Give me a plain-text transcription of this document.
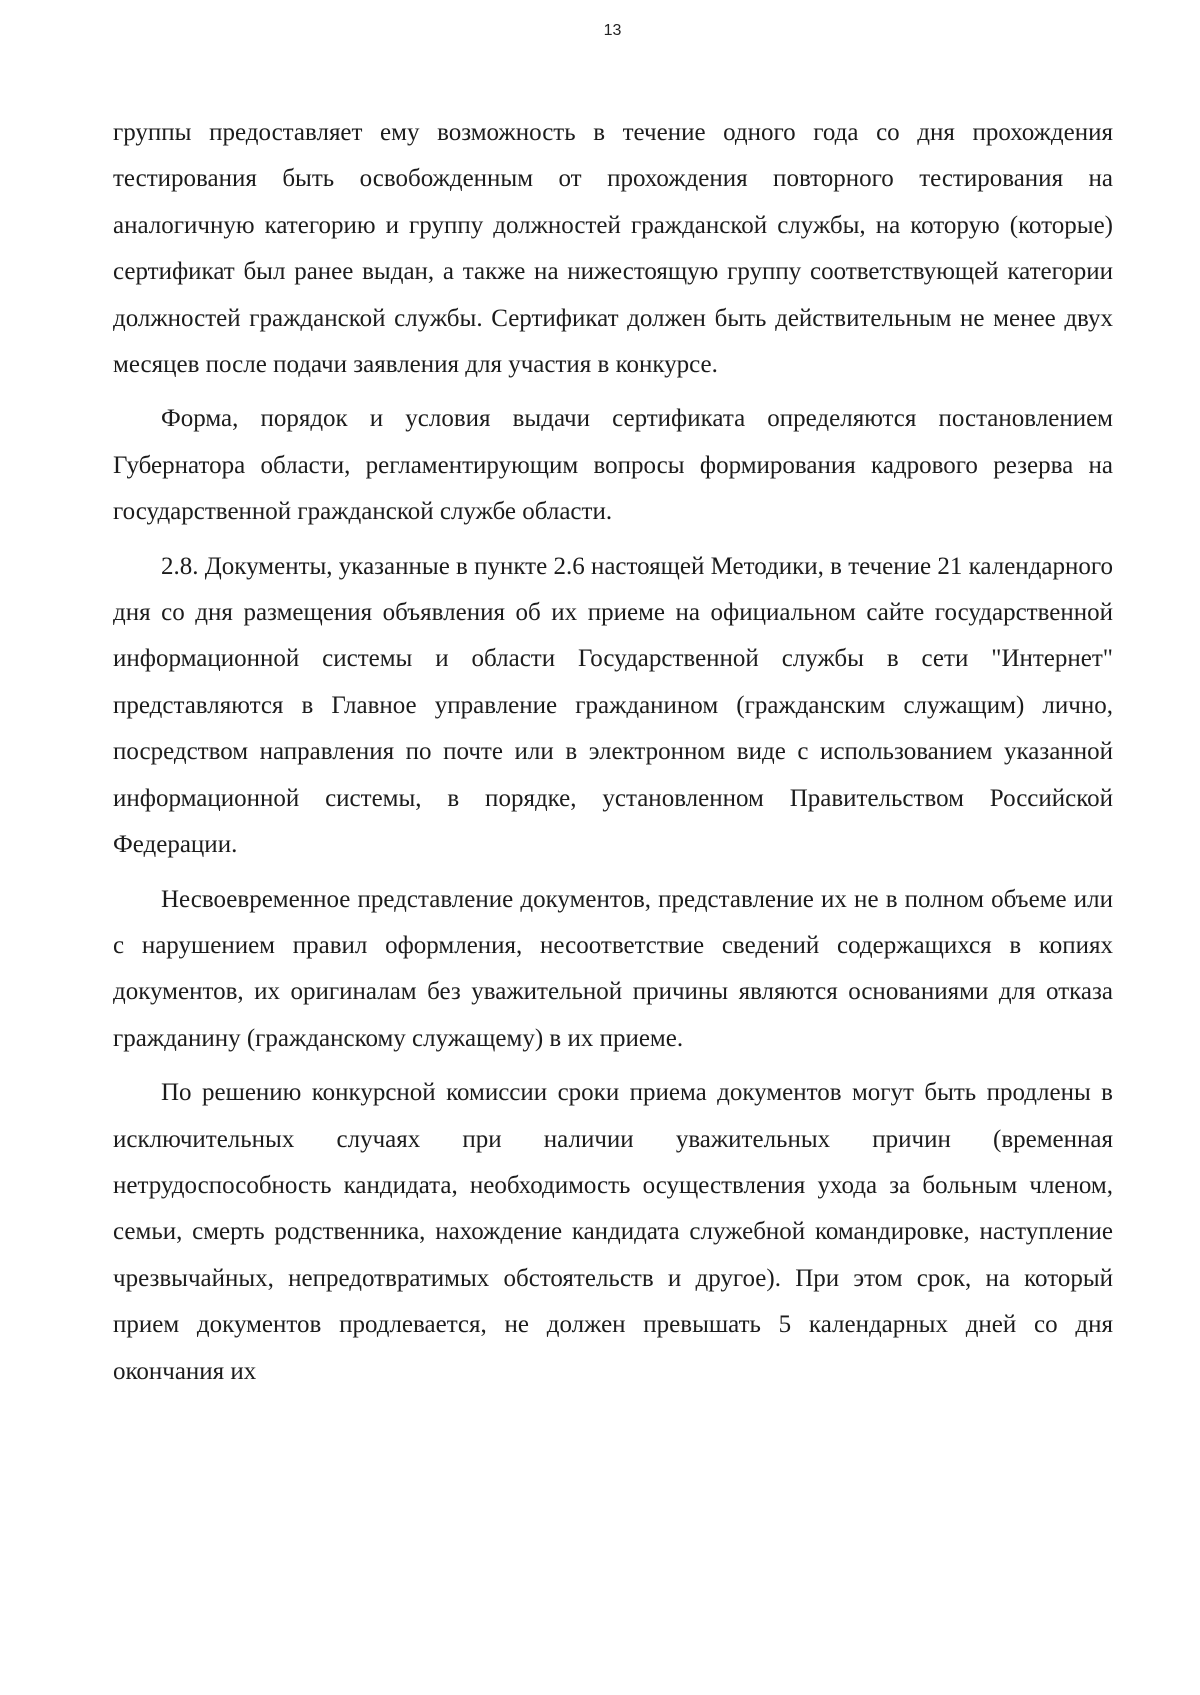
13

группы предоставляет ему возможность в течение одного года со дня прохождения тестирования быть освобожденным от прохождения повторного тестирования на аналогичную категорию и группу должностей гражданской службы, на которую (которые) сертификат был ранее выдан, а также на нижестоящую группу соответствующей категории должностей гражданской службы. Сертификат должен быть действительным не менее двух месяцев после подачи заявления для участия в конкурсе.

Форма, порядок и условия выдачи сертификата определяются постановлением Губернатора области, регламентирующим вопросы формирования кадрового резерва на государственной гражданской службе области.

2.8. Документы, указанные в пункте 2.6 настоящей Методики, в течение 21 календарного дня со дня размещения объявления об их приеме на официальном сайте государственной информационной системы и области Государственной службы в сети "Интернет" представляются в Главное управление гражданином (гражданским служащим) лично, посредством направления по почте или в электронном виде с использованием указанной информационной системы, в порядке, установленном Правительством Российской Федерации.

Несвоевременное представление документов, представление их не в полном объеме или с нарушением правил оформления, несоответствие сведений содержащихся в копиях документов, их оригиналам без уважительной причины являются основаниями для отказа гражданину (гражданскому служащему) в их приеме.

По решению конкурсной комиссии сроки приема документов могут быть продлены в исключительных случаях при наличии уважительных причин (временная нетрудоспособность кандидата, необходимость осуществления ухода за больным членом, семьи, смерть родственника, нахождение кандидата служебной командировке, наступление чрезвычайных, непредотвратимых обстоятельств и другое). При этом срок, на который прием документов продлевается, не должен превышать 5 календарных дней со дня окончания их
